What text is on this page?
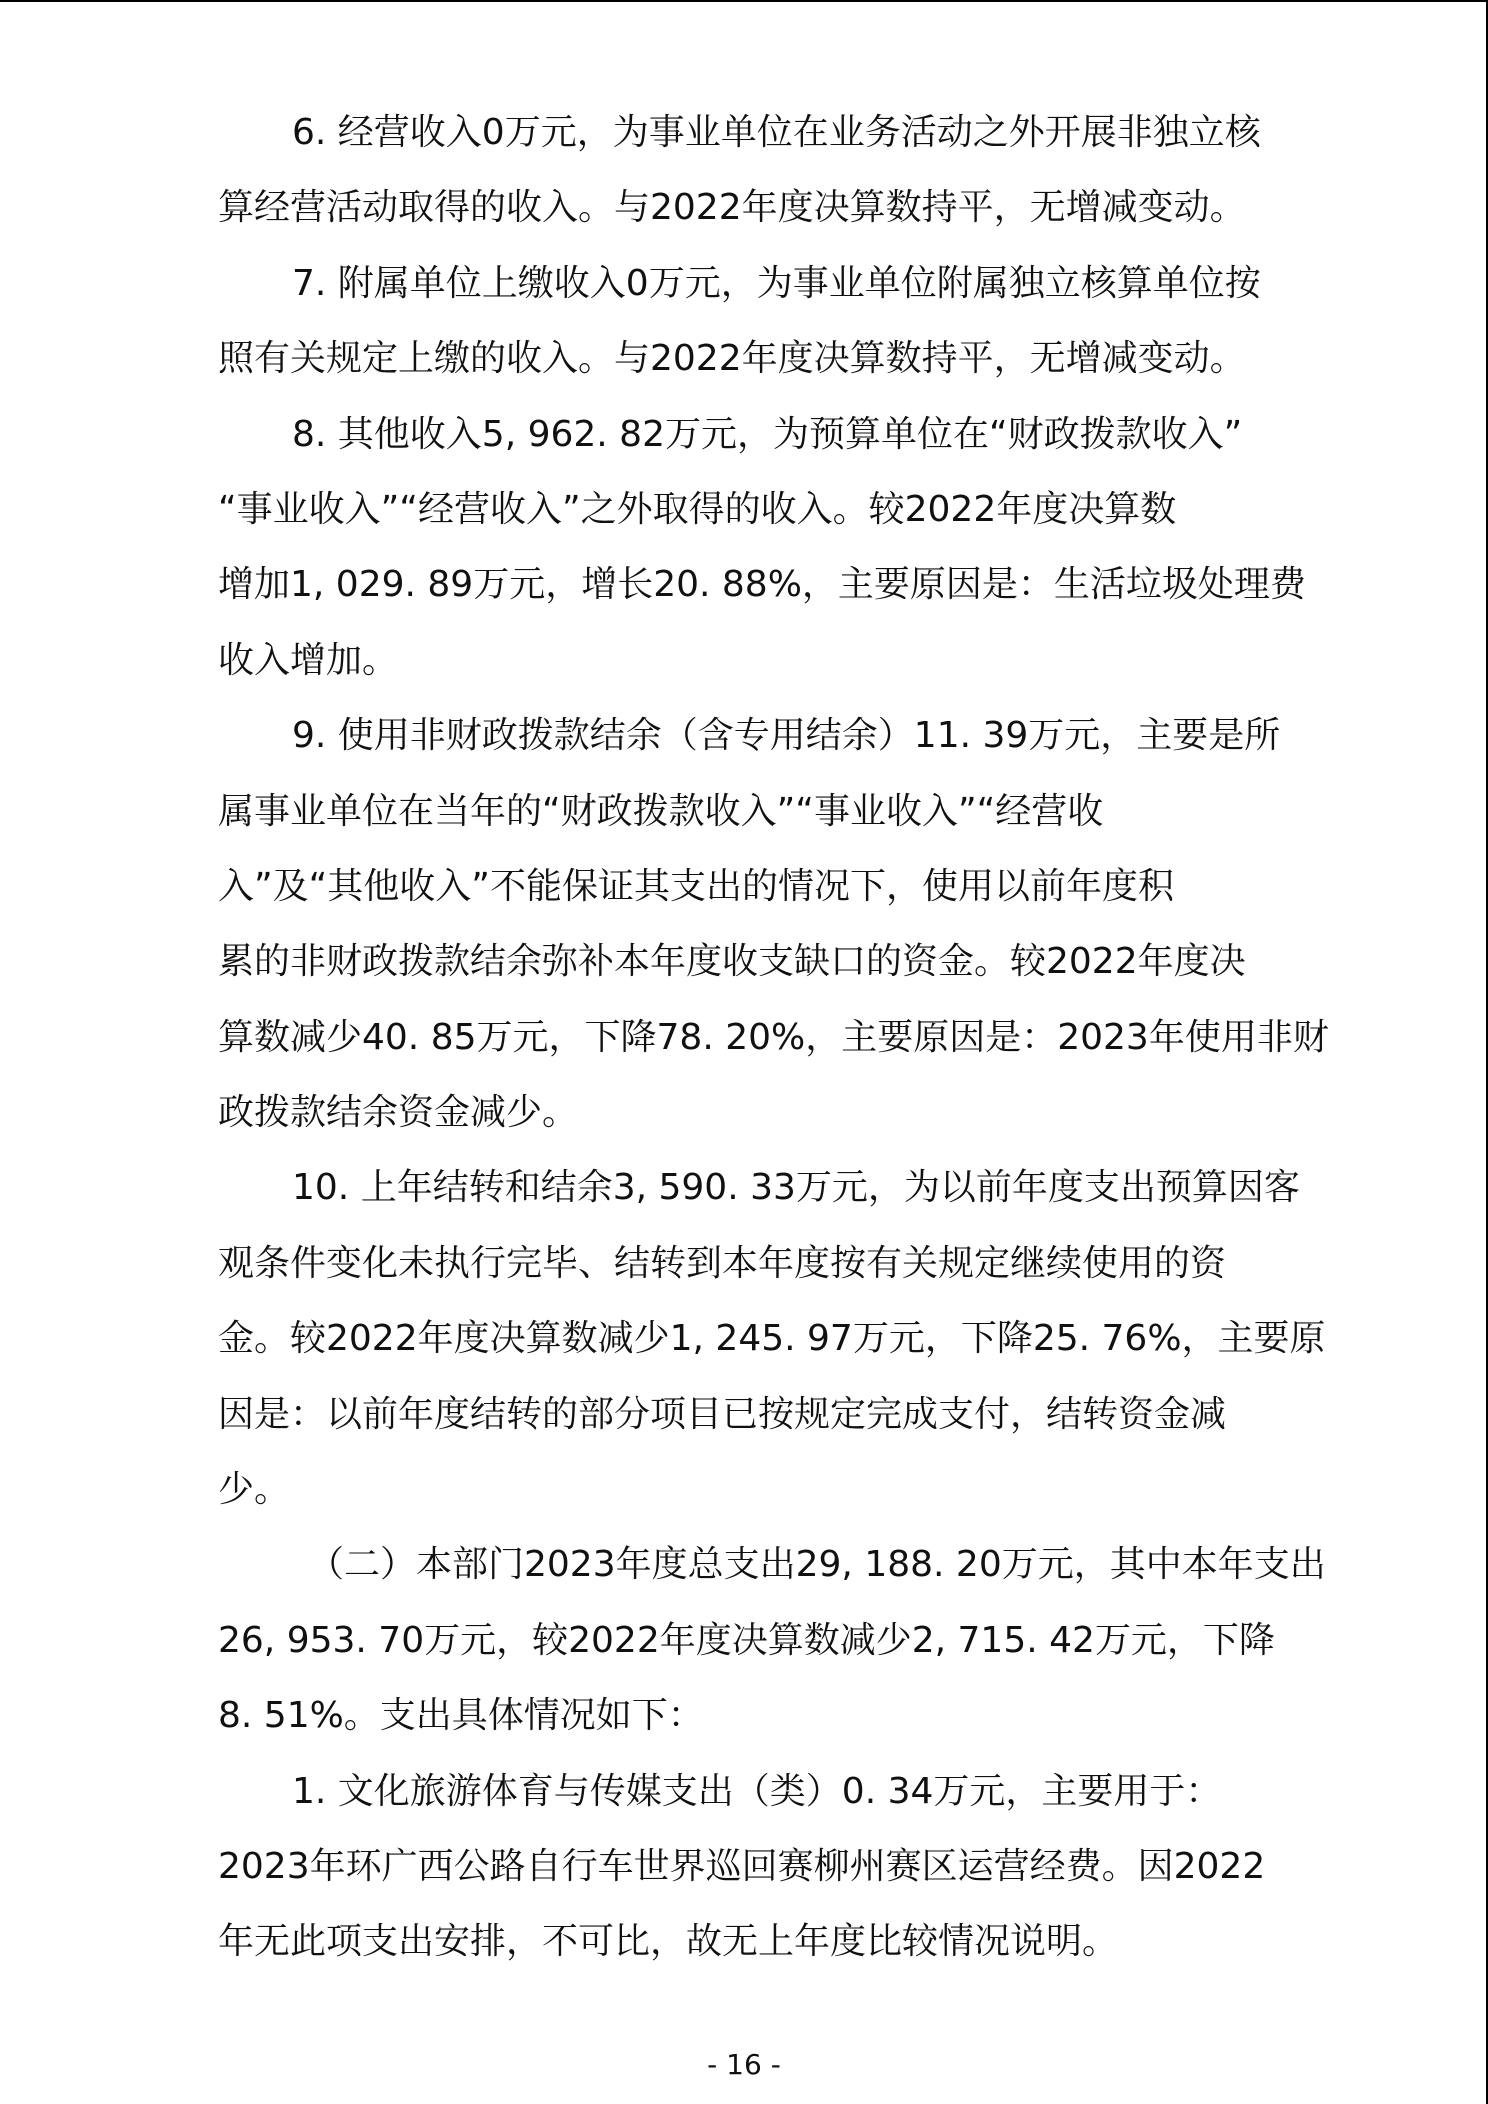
6. 经营收入0万元，为事业单位在业务活动之外开展非独立核
算经营活动取得的收入。与2022年度决算数持平，无增减变动。
7. 附属单位上缴收入0万元，为事业单位附属独立核算单位按
照有关规定上缴的收入。与2022年度决算数持平，无增减变动。
8. 其他收入5, 962. 82万元，为预算单位在“财政拨款收入”
“事业收入”“经营收入”之外取得的收入。较2022年度决算数
增加1, 029. 89万元，增长20. 88%，主要原因是：生活垃圾处理费
收入增加。
9. 使用非财政拨款结余（含专用结余）11. 39万元，主要是所
属事业单位在当年的“财政拨款收入”“事业收入”“经营收
入”及“其他收入”不能保证其支出的情况下，使用以前年度积
累的非财政拨款结余弥补本年度收支缺口的资金。较2022年度决
算数减少40. 85万元，下降78. 20%，主要原因是：2023年使用非财
政拨款结余资金减少。
10. 上年结转和结余3, 590. 33万元，为以前年度支出预算因客
观条件变化未执行完毕、结转到本年度按有关规定继续使用的资
金。较2022年度决算数减少1, 245. 97万元，下降25. 76%，主要原
因是：以前年度结转的部分项目已按规定完成支付，结转资金减
少。
（二）本部门2023年度总支出29, 188. 20万元，其中本年支出
26, 953. 70万元，较2022年度决算数减少2, 715. 42万元，下降
8. 51%。支出具体情况如下：
1. 文化旅游体育与传媒支出（类）0. 34万元，主要用于：
2023年环广西公路自行车世界巡回赛柳州赛区运营经费。因2022
年无此项支出安排，不可比，故无上年度比较情况说明。
- 16 -
